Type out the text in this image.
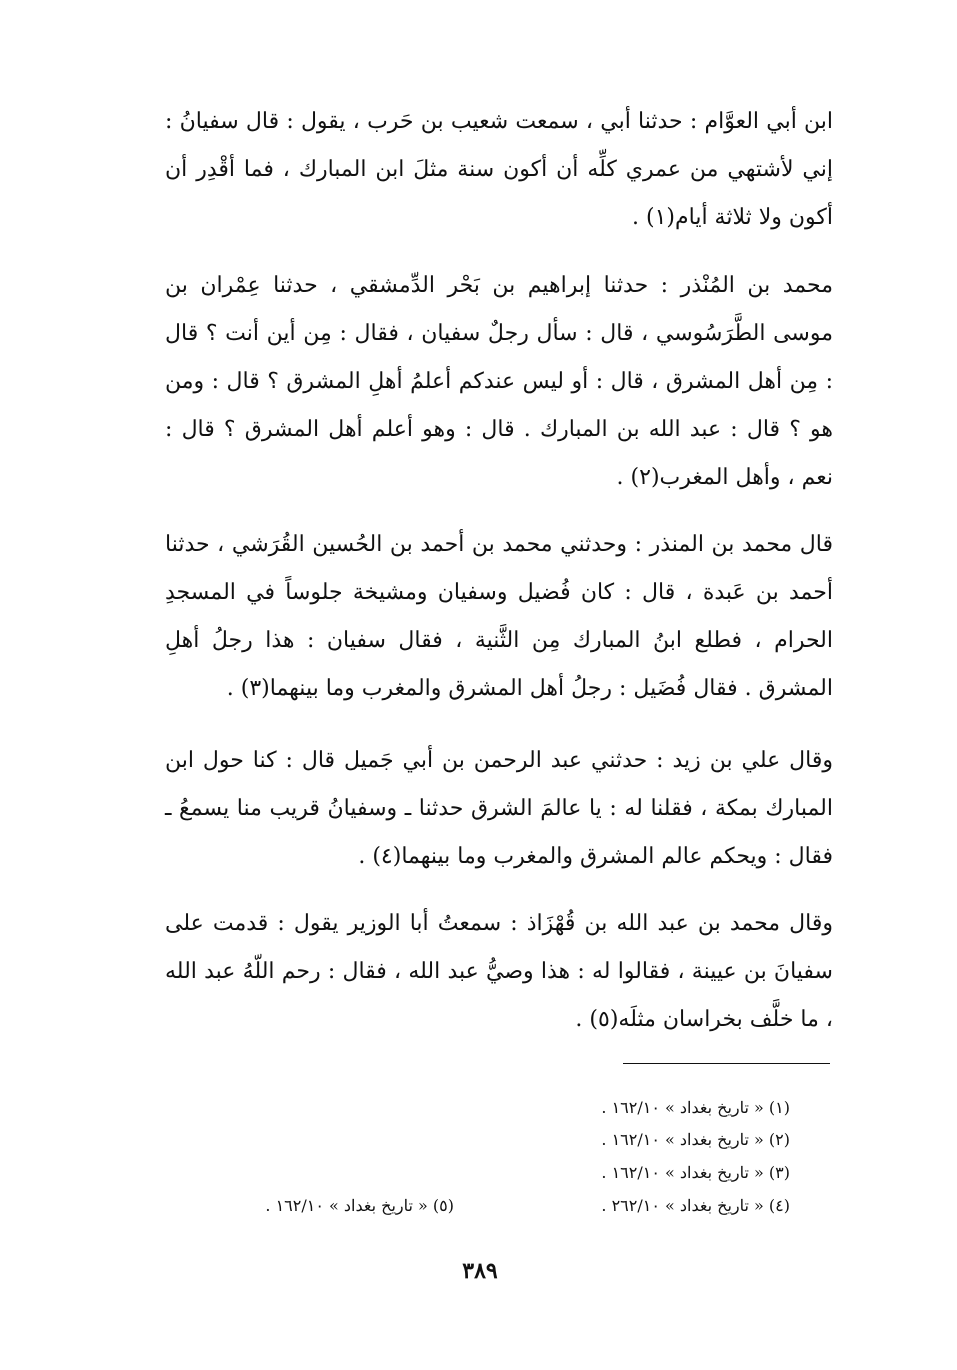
ابن أبي العوَّام : حدثنا أبي ، سمعت شعيب بن حَرب ، يقول : قال سفيانُ : إني لأشتهي من عمري كلِّه أن أكون سنة مثلَ ابن المبارك ، فما أقْدِر أن أكون ولا ثلاثة أيام(١) .

محمد بن المُنْذر : حدثنا إبراهيم بن بَحْر الدِّمشقي ، حدثنا عِمْران بن موسى الطَّرَسُوسي ، قال : سأل رجلٌ سفيان ، فقال : مِن أين أنت ؟ قال : مِن أهل المشرق ، قال : أو ليس عندكم أعلمُ أهلِ المشرق ؟ قال : ومن هو ؟ قال : عبد الله بن المبارك . قال : وهو أعلم أهل المشرق ؟ قال : نعم ، وأهل المغرب(٢) .

قال محمد بن المنذر : وحدثني محمد بن أحمد بن الحُسين القُرَشي ، حدثنا أحمد بن عَبدة ، قال : كان فُضيل وسفيان ومشيخة جلوساً في المسجدِ الحرام ، فطلع ابنُ المبارك مِن الثَّنية ، فقال سفيان : هذا رجلُ أهلِ المشرق . فقال فُضَيل : رجلُ أهل المشرق والمغرب وما بينهما(٣) .

وقال علي بن زيد : حدثني عبد الرحمن بن أبي جَميل قال : كنا حول ابن المبارك بمكة ، فقلنا له : يا عالمَ الشرق حدثنا ـ وسفيانُ قريب منا يسمعُ ـ فقال : ويحكم عالم المشرق والمغرب وما بينهما(٤) .

وقال محمد بن عبد الله بن قُهْزَاذ : سمعتُ أبا الوزير يقول : قدمت على سفيانَ بن عيينة ، فقالوا له : هذا وصيُّ عبد الله ، فقال : رحم اللّهُ عبد الله ، ما خلَّف بخراسان مثلَه(٥) .

(١) « تاريخ بغداد » ١٦٢/١٠ .
(٢) « تاريخ بغداد » ١٦٢/١٠ .
(٣) « تاريخ بغداد » ١٦٢/١٠ .
(٤) « تاريخ بغداد » ٢٦٢/١٠ .
(٥) « تاريخ بغداد » ١٦٢/١٠ .
٣٨٩
